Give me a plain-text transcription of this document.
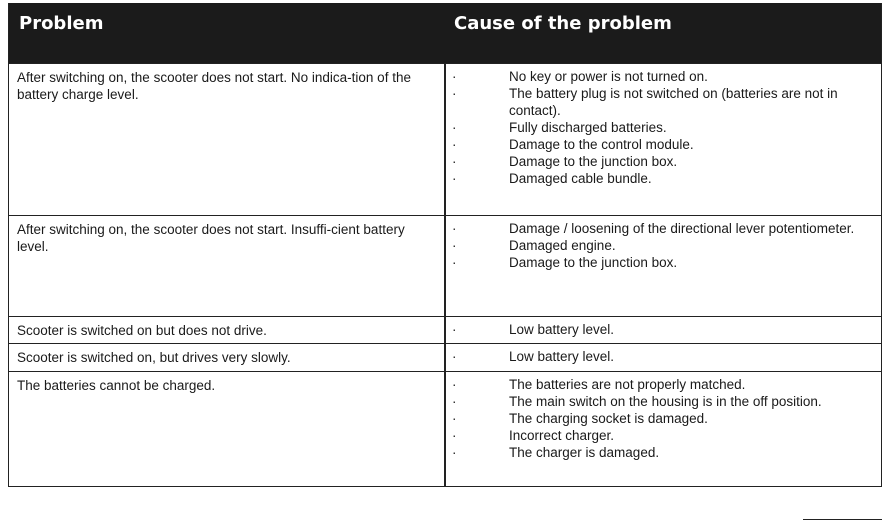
Problem	Cause of the problem
After switching on, the scooter does not start. No indica-tion of the battery charge level.
·	No key or power is not turned on.
·	The battery plug is not switched on (batteries are not in contact).
·	Fully discharged batteries.
·	Damage to the control module.
·	Damage to the junction box.
·	Damaged cable bundle.
After switching on, the scooter does not start. Insuffi-cient battery level.
·	Damage / loosening of the directional lever potentiometer.
·	Damaged engine.
·	Damage to the junction box.
Scooter is switched on but does not drive.	·	Low battery level.
Scooter is switched on, but drives very slowly.	·	Low battery level.
The batteries cannot be charged.	·	The batteries are not properly matched.
·	The main switch on the housing is in the off position.
·	The charging socket is damaged.
·	Incorrect charger.
·	The charger is damaged.
